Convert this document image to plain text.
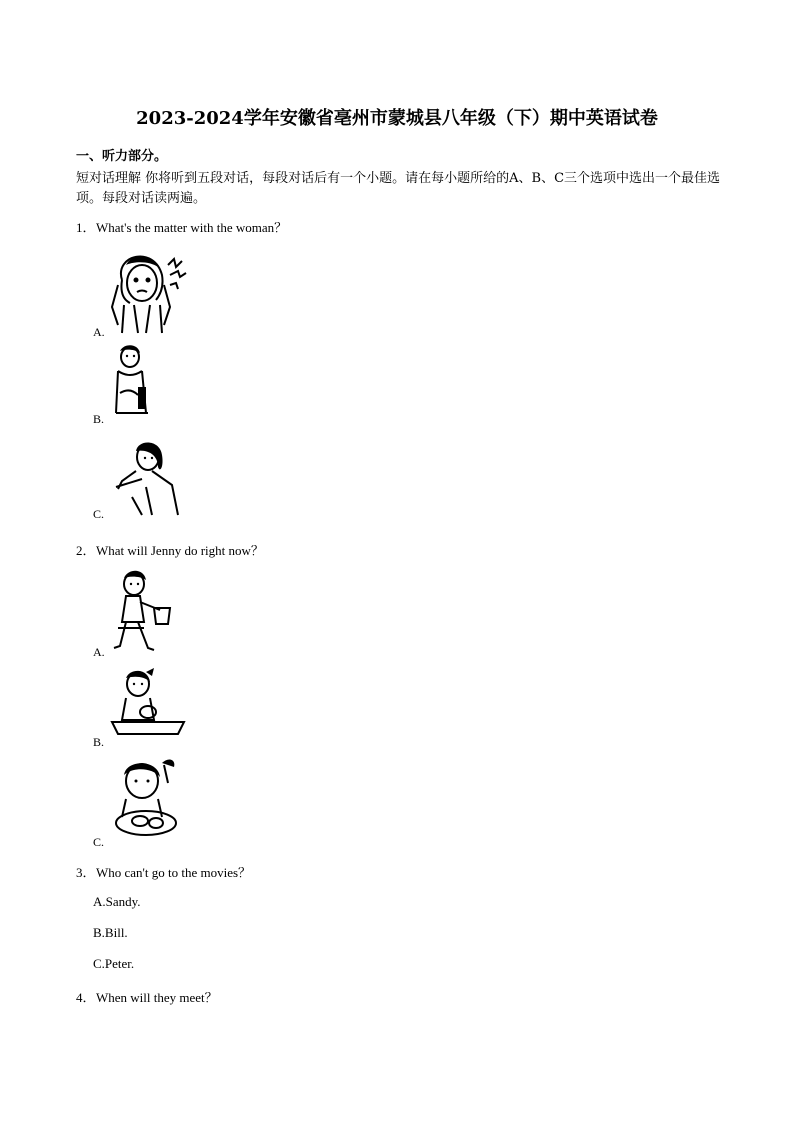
2023-2024学年安徽省亳州市蒙城县八年级（下）期中英语试卷
一、听力部分。
短对话理解 你将听到五段对话，每段对话后有一个小题。请在每小题所给的A、B、C三个选项中选出一个最佳选项。每段对话读两遍。
1．What's the matter with the woman？
A.
B.
C.
2．What will Jenny do right now？
A.
B.
C.
3．Who can't go to the movies？
A.Sandy.
B.Bill.
C.Peter.
4．When will they meet？
